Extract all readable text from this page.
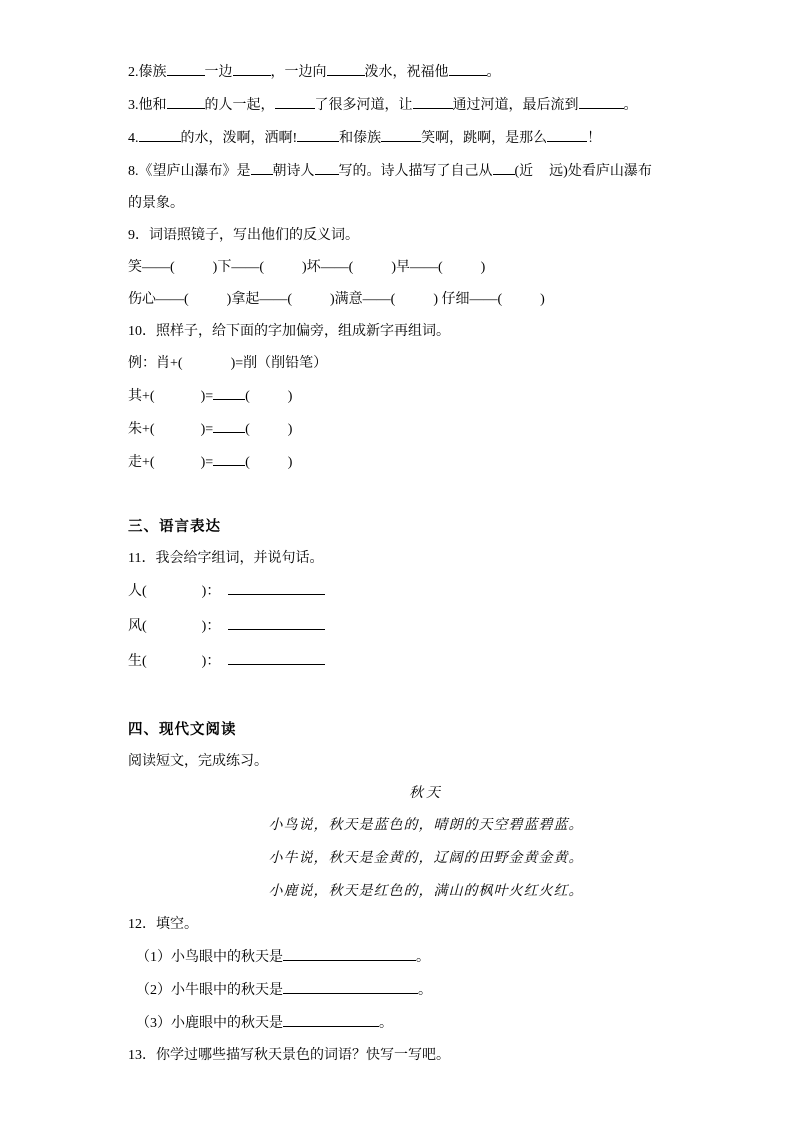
2.傣族	一边	，一边向	泼水，祝福他	。

3.他和	的人一起，	了很多河道，让	通过河道，最后流到	。

4.	的水，泼啊，洒啊!	和傣族	笑啊，跳啊，是那么	！

8.《望庐山瀑布》是 朝诗人 写的。诗人描写了自己从 (近 远)处看庐山瀑布

的景象。

9．词语照镜子，写出他们的反义词。

笑——(	)下——(	)坏——(	)早——(	)

伤心——(	)拿起——(	)满意——(	) 仔细——(	)

10．照样子，给下面的字加偏旁，组成新字再组词。

例：肖+(	)=削（削铅笔）

其+(	)= (	)

朱+(	)= (	)

走+(	)= (	)

三、语言表达

11．我会给字组词，并说句话。

人(	)：

风(	)：

生(	)：

四、现代文阅读

阅读短文，完成练习。

秋天

小鸟说，秋天是蓝色的，晴朗的天空碧蓝碧蓝。

小牛说，秋天是金黄的，辽阔的田野金黄金黄。

小鹿说，秋天是红色的，满山的枫叶火红火红。

12．填空。

（1）小鸟眼中的秋天是	。

（2）小牛眼中的秋天是	。

（3）小鹿眼中的秋天是	。

13．你学过哪些描写秋天景色的词语？快写一写吧。
